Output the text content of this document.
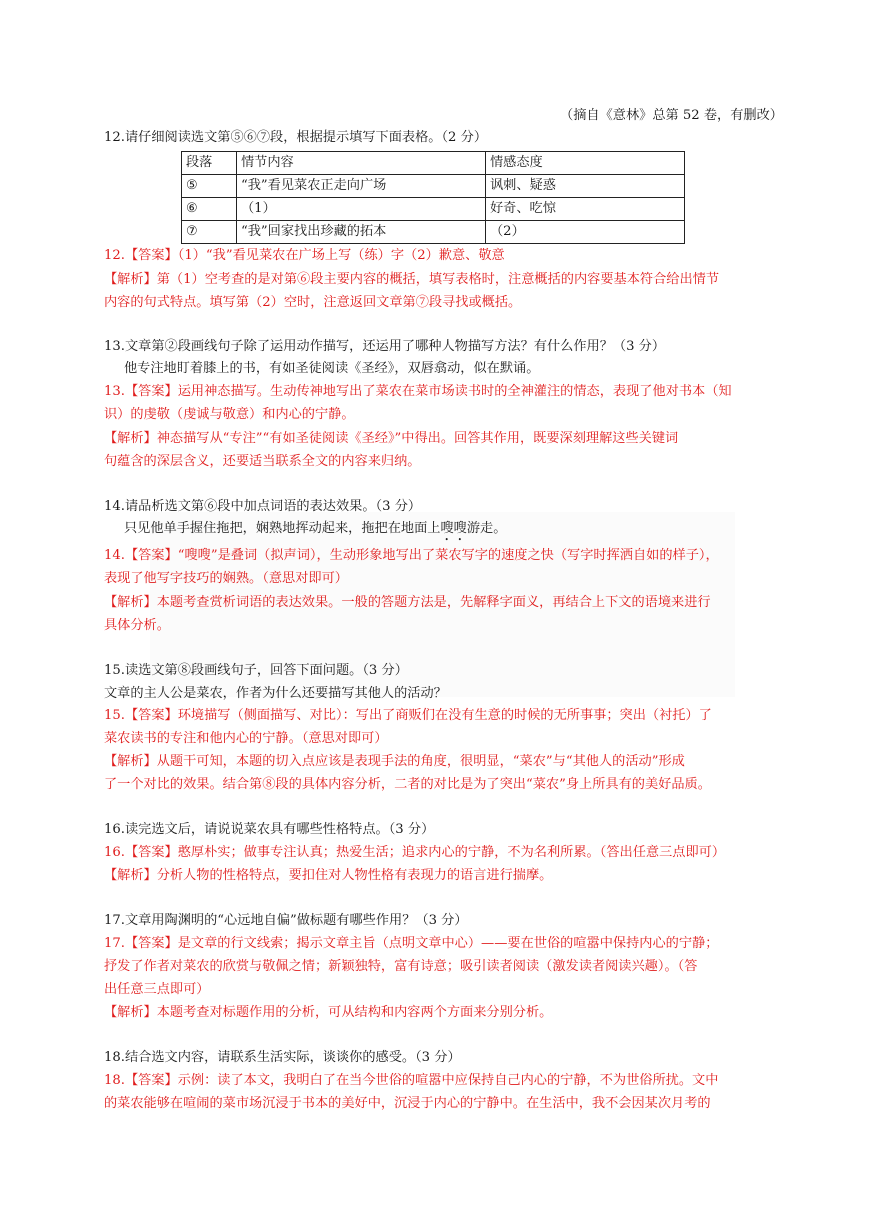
（摘自《意林》总第 52 卷，有删改）
12.请仔细阅读选文第⑤⑥⑦段，根据提示填写下面表格。（2 分）
段落	情节内容	情感态度
⑤	“我”看见菜农正走向广场	讽刺、疑惑
⑥	（1）	好奇、吃惊
⑦	“我”回家找出珍藏的拓本	（2）
12.【答案】（1）“我”看见菜农在广场上写（练）字（2）歉意、敬意
【解析】第（1）空考查的是对第⑥段主要内容的概括，填写表格时，注意概括的内容要基本符合给出情节
内容的句式特点。填写第（2）空时，注意返回文章第⑦段寻找或概括。
13.文章第②段画线句子除了运用动作描写，还运用了哪种人物描写方法？有什么作用？（3 分）
他专注地盯着膝上的书，有如圣徒阅读《圣经》，双唇翕动，似在默诵。
13.【答案】运用神态描写。生动传神地写出了菜农在菜市场读书时的全神灌注的情态，表现了他对书本（知
识）的虔敬（虔诚与敬意）和内心的宁静。
【解析】神态描写从“专注”“有如圣徒阅读《圣经》”中得出。回答其作用，既要深刻理解这些关键词
句蕴含的深层含义，还要适当联系全文的内容来归纳。
14.请品析选文第⑥段中加点词语的表达效果。（3 分）
只见他单手握住拖把，娴熟地挥动起来，拖把在地面上嗖嗖游走。
14.【答案】“嗖嗖”是叠词（拟声词），生动形象地写出了菜农写字的速度之快（写字时挥洒自如的样子），
表现了他写字技巧的娴熟。（意思对即可）
【解析】本题考查赏析词语的表达效果。一般的答题方法是，先解释字面义，再结合上下文的语境来进行
具体分析。
15.读选文第⑧段画线句子，回答下面问题。（3 分）
文章的主人公是菜农，作者为什么还要描写其他人的活动？
15.【答案】环境描写（侧面描写、对比）：写出了商贩们在没有生意的时候的无所事事；突出（衬托）了
菜农读书的专注和他内心的宁静。（意思对即可）
【解析】从题干可知，本题的切入点应该是表现手法的角度，很明显，“菜农”与“其他人的活动”形成
了一个对比的效果。结合第⑧段的具体内容分析，二者的对比是为了突出“菜农”身上所具有的美好品质。
16.读完选文后，请说说菜农具有哪些性格特点。（3 分）
16.【答案】憨厚朴实；做事专注认真；热爱生活；追求内心的宁静，不为名利所累。（答出任意三点即可）
【解析】分析人物的性格特点，要扣住对人物性格有表现力的语言进行揣摩。
17.文章用陶渊明的“心远地自偏”做标题有哪些作用？（3 分）
17.【答案】是文章的行文线索；揭示文章主旨（点明文章中心）——要在世俗的喧嚣中保持内心的宁静；
抒发了作者对菜农的欣赏与敬佩之情；新颖独特，富有诗意；吸引读者阅读（激发读者阅读兴趣）。（答
出任意三点即可）
【解析】本题考查对标题作用的分析，可从结构和内容两个方面来分别分析。
18.结合选文内容，请联系生活实际，谈谈你的感受。（3 分）
18.【答案】示例：读了本文，我明白了在当今世俗的喧嚣中应保持自己内心的宁静，不为世俗所扰。文中
的菜农能够在喧闹的菜市场沉浸于书本的美好中，沉浸于内心的宁静中。在生活中，我不会因某次月考的
